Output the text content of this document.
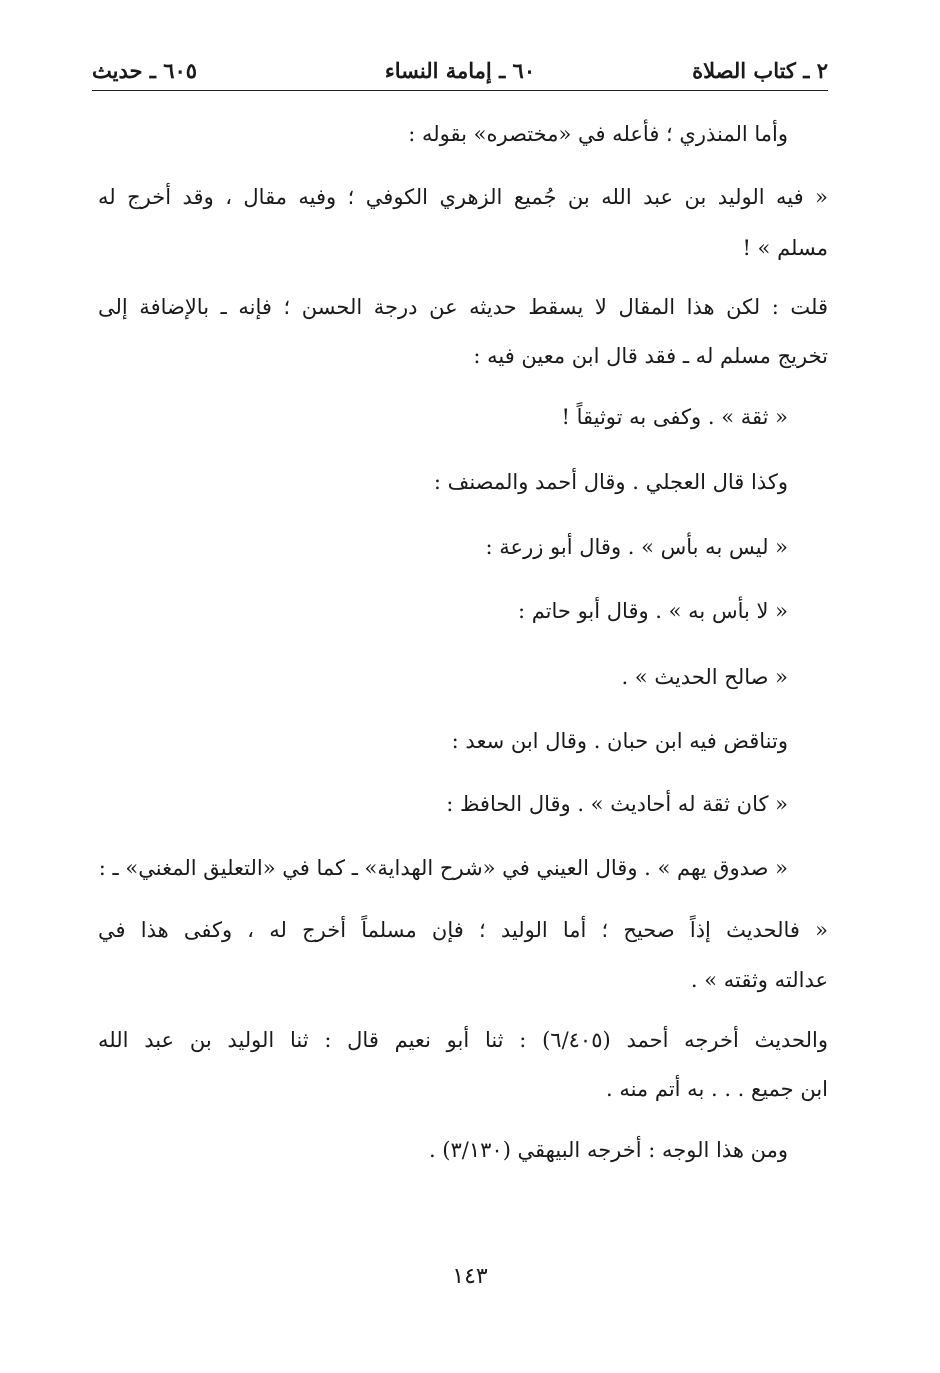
٢ ـ كتاب الصلاة
٦٠ ـ إمامة النساء
٦٠٥ ـ حديث
وأما المنذري ؛ فأعله في «مختصره» بقوله :
« فيه الوليد بن عبد الله بن جُميع الزهري الكوفي ؛ وفيه مقال ، وقد أخرج له
مسلم » !
قلت : لكن هذا المقال لا يسقط حديثه عن درجة الحسن ؛ فإنه ـ بالإضافة إلى
تخريج مسلم له ـ فقد قال ابن معين فيه :
« ثقة » . وكفى به توثيقاً !
وكذا قال العجلي . وقال أحمد والمصنف :
« ليس به بأس » . وقال أبو زرعة :
« لا بأس به » . وقال أبو حاتم :
« صالح الحديث » .
وتناقض فيه ابن حبان . وقال ابن سعد :
« كان ثقة له أحاديث » . وقال الحافظ :
« صدوق يهم » . وقال العيني في «شرح الهداية» ـ كما في «التعليق المغني» ـ :
« فالحديث إذاً صحيح ؛ أما الوليد ؛ فإن مسلماً أخرج له ، وكفى هذا في
عدالته وثقته » .
والحديث أخرجه أحمد (٦/٤٠٥) : ثنا أبو نعيم قال : ثنا الوليد بن عبد الله
ابن جميع . . . به أتم منه .
ومن هذا الوجه : أخرجه البيهقي (٣/١٣٠) .
١٤٣
